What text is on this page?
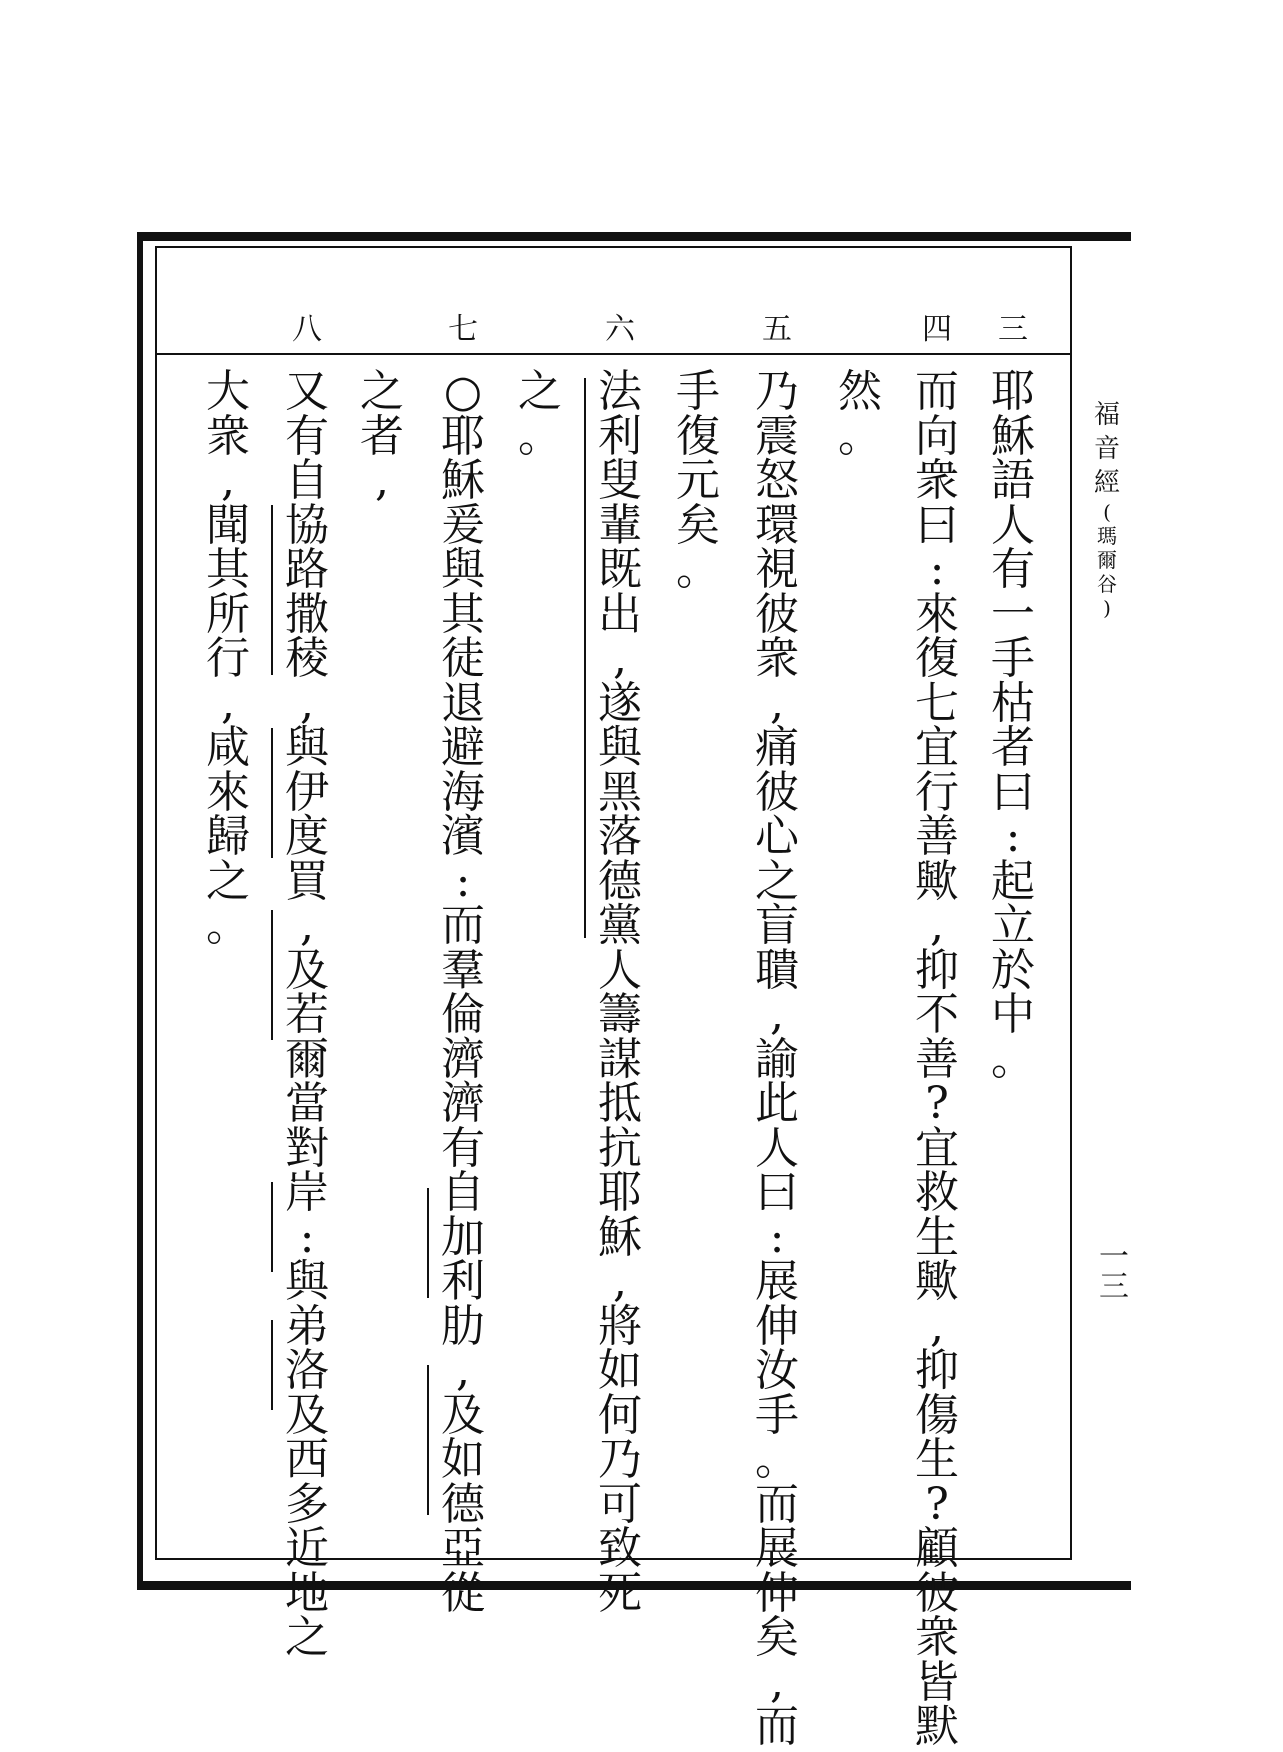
福
音
經
(
瑪
爾
谷
)
一三
三
四
五
六
七
八
耶
穌
語
人
有
一
手
枯
者
曰
:
起
立
於
中
。
而
向
衆
曰
:
來
復
七
宜
行
善
歟
,
抑
不
善
?
宜
救
生
歟
,
抑
傷
生
?
顧
彼
衆
皆
默
然
。
乃
震
怒
環
視
彼
衆
,
痛
彼
心
之
盲
聵
,
諭
此
人
曰
:
展
伸
汝
手
。
而
展
伸
矣
,
而
手
復
元
矣
。
法
利
叟
輩
既
出
,
遂
與
黑
落
德
黨
人
籌
謀
抵
抗
耶
穌
,
將
如
何
乃
可
致
死
之
。
○
耶
穌
爰
與
其
徒
退
避
海
濱
:
而
羣
倫
濟
濟
有
自
加
利
肋
,
及
如
德
亞
從
之
者
,
又
有
自
協
路
撒
稜
,
與
伊
度
買
,
及
若
爾
當
對
岸
:
與
弟
洛
及
西
多
近
地
之
大
衆
,
聞
其
所
行
,
咸
來
歸
之
。
